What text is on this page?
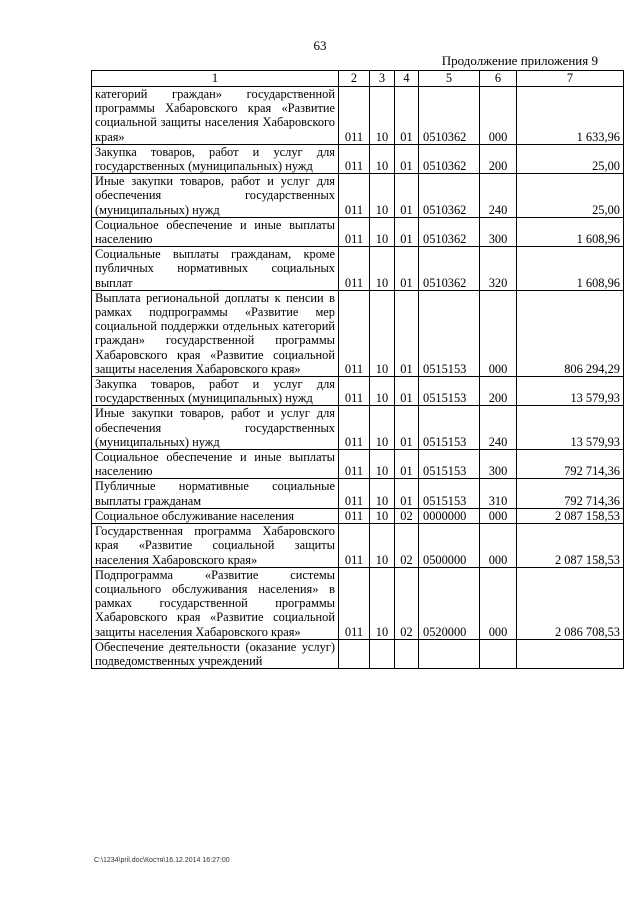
63
Продолжение приложения 9
1	2	3	4	5	6	7
категорий граждан» государственной программы Хабаровского края «Развитие социальной защиты населения Хабаровского края»	011	10	01	0510362	000	1 633,96
Закупка товаров, работ и услуг для государственных (муниципальных) нужд	011	10	01	0510362	200	25,00
Иные закупки товаров, работ и услуг для обеспечения государственных (муниципальных) нужд	011	10	01	0510362	240	25,00
Социальное обеспечение и иные выплаты населению	011	10	01	0510362	300	1 608,96
Социальные выплаты гражданам, кроме публичных нормативных социальных выплат	011	10	01	0510362	320	1 608,96
Выплата региональной доплаты к пенсии в рамках подпрограммы «Развитие мер социальной поддержки отдельных категорий граждан» государственной программы Хабаровского края «Развитие социальной защиты населения Хабаровского края»	011	10	01	0515153	000	806 294,29
Закупка товаров, работ и услуг для государственных (муниципальных) нужд	011	10	01	0515153	200	13 579,93
Иные закупки товаров, работ и услуг для обеспечения государственных (муниципальных) нужд	011	10	01	0515153	240	13 579,93
Социальное обеспечение и иные выплаты населению	011	10	01	0515153	300	792 714,36
Публичные нормативные социальные выплаты гражданам	011	10	01	0515153	310	792 714,36
Социальное обслуживание населения	011	10	02	0000000	000	2 087 158,53
Государственная программа Хабаровского края «Развитие социальной защиты населения Хабаровского края»	011	10	02	0500000	000	2 087 158,53
Подпрограмма «Развитие системы социального обслуживания населения» в рамках государственной программы Хабаровского края «Развитие социальной защиты населения Хабаровского края»	011	10	02	0520000	000	2 086 708,53
Обеспечение деятельности (оказание услуг) подведомственных учреждений						
C:\1234\pril.doc\Костя\16.12.2014 16:27:00
